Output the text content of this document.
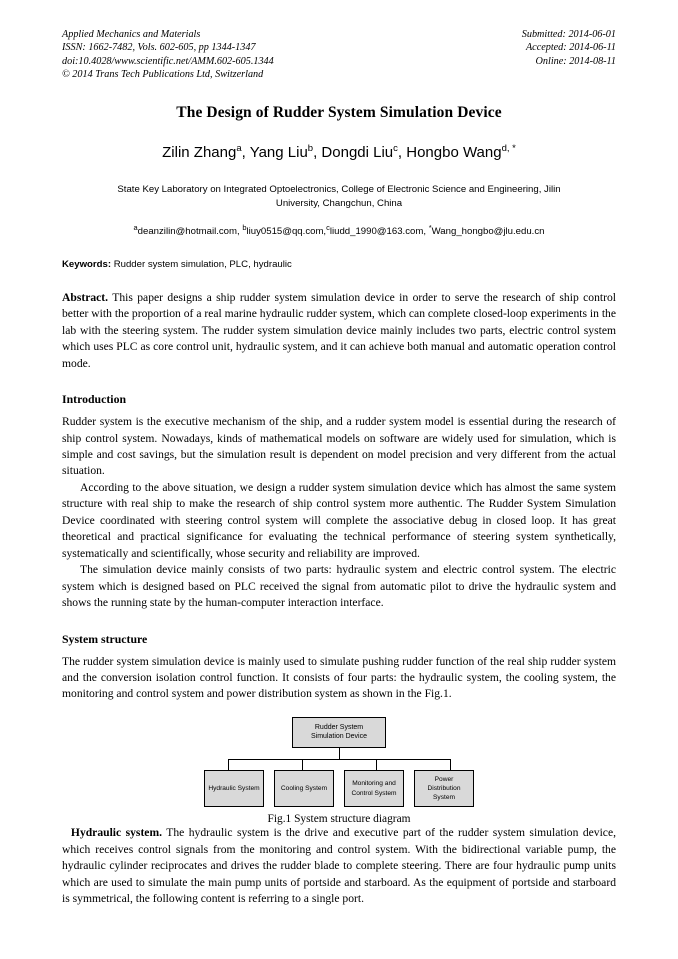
Applied Mechanics and Materials
ISSN: 1662-7482, Vols. 602-605, pp 1344-1347
doi:10.4028/www.scientific.net/AMM.602-605.1344
Submitted: 2014-06-01
Accepted: 2014-06-11
Online: 2014-08-11
© 2014 Trans Tech Publications Ltd, Switzerland
The Design of Rudder System Simulation Device
Zilin Zhang$^a$, Yang Liu$^b$, Dongdi Liu$^c$, Hongbo Wang$^{d, *}$
State Key Laboratory on Integrated Optoelectronics, College of Electronic Science and Engineering, Jilin University, Changchun, China
$^a$deanzilin@hotmail.com, $^b$liuy0515@qq.com,$^c$liudd_1990@163.com, *Wang_hongbo@jlu.edu.cn
Keywords: Rudder system simulation, PLC, hydraulic
Abstract. This paper designs a ship rudder system simulation device in order to serve the research of ship control better with the proportion of a real marine hydraulic rudder system, which can complete closed-loop experiments in the lab with the steering system. The rudder system simulation device mainly includes two parts, electric control system which uses PLC as core control unit, hydraulic system, and it can achieve both manual and automatic operation control mode.
Introduction

Rudder system is the executive mechanism of the ship, and a rudder system model is essential during the research of ship control system. Nowadays, kinds of mathematical models on software are widely used for simulation, which is simple and cost savings, but the simulation result is dependent on model precision and very different from the actual situation.

According to the above situation, we design a rudder system simulation device which has almost the same system structure with real ship to make the research of ship control system more authentic. The Rudder System Simulation Device coordinated with steering control system will complete the associative debug in closed loop. It has great theoretical and practical significance for evaluating the technical performance of steering system synthetically, systematically and scientifically, whose security and reliability are improved.

The simulation device mainly consists of two parts: hydraulic system and electric control system. The electric system which is designed based on PLC received the signal from automatic pilot to drive the hydraulic system and shows the running state by the human-computer interaction interface.

System structure

The rudder system simulation device is mainly used to simulate pushing rudder function of the real ship rudder system and the conversion isolation control function. It consists of four parts: the hydraulic system, the cooling system, the monitoring and control system and power distribution system as shown in the Fig.1.

Rudder System Simulation Device
Hydraulic System	Cooling System
Monitoring and Control System
Power Distribution System
Fig.1 System structure diagram

Hydraulic system. The hydraulic system is the drive and executive part of the rudder system simulation device, which receives control signals from the monitoring and control system. With the bidirectional variable pump, the hydraulic cylinder reciprocates and drives the rudder blade to complete steering. There are four hydraulic pump units which are used to simulate the main pump units of portside and starboard. As the equipment of portside and starboard is symmetrical, the following content is referring to a single port.
